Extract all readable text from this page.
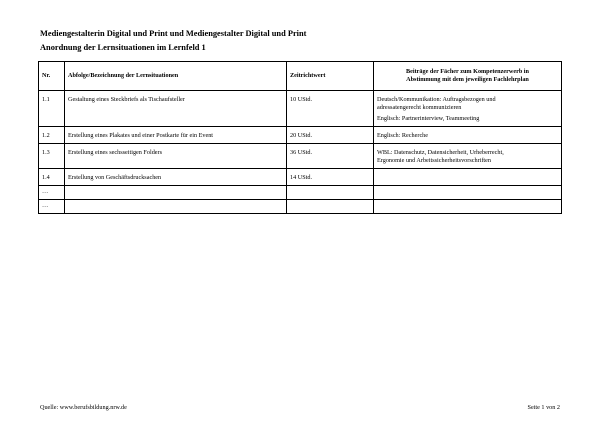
Mediengestalterin Digital und Print und Mediengestalter Digital und Print
Anordnung der Lernsituationen im Lernfeld 1
Nr.	Abfolge/Bezeichnung der Lernsituationen	Zeitrichtwert	Beiträge der Fächer zum Kompetenzerwerb in
Abstimmung mit dem jeweiligen Fachlehrplan

1.1	Gestaltung eines Steckbriefs als Tischaufsteller	10 UStd.	Deutsch/Kommunikation: Auftragsbezogen und
adressatengerecht kommunizieren
Englisch: Partnerinterview, Teammeeting

1.2	Erstellung eines Plakates und einer Postkarte für ein Event	20 UStd.	Englisch: Recherche

1.3	Erstellung eines sechsseitigen Folders	36 UStd.	WBL: Datenschutz, Datensicherheit, Urheberrecht,
Ergonomie und Arbeitssicherheitsvorschriften

1.4	Erstellung von Geschäftsdrucksachen	14 UStd.	
…			
…			
Quelle: www.berufsbildung.nrw.de	Seite 1 von 2
